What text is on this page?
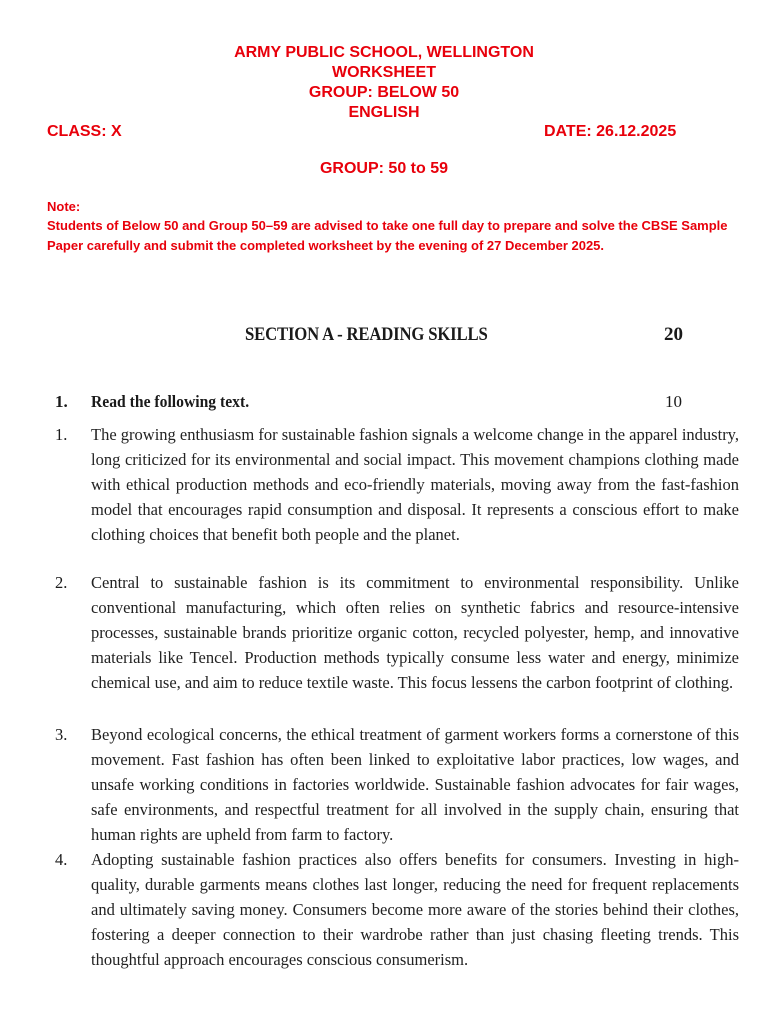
ARMY PUBLIC SCHOOL, WELLINGTON
WORKSHEET
GROUP: BELOW 50
ENGLISH
CLASS: X	DATE: 26.12.2025
GROUP: 50 to 59
Note:
Students of Below 50 and Group 50–59 are advised to take one full day to prepare and solve the CBSE Sample Paper carefully and submit the completed worksheet by the evening of 27 December 2025.
SECTION A - READING SKILLS	20
1. Read the following text.	10
1. The growing enthusiasm for sustainable fashion signals a welcome change in the apparel industry, long criticized for its environmental and social impact. This movement champions clothing made with ethical production methods and eco-friendly materials, moving away from the fast-fashion model that encourages rapid consumption and disposal. It represents a conscious effort to make clothing choices that benefit both people and the planet.
2. Central to sustainable fashion is its commitment to environmental responsibility. Unlike conventional manufacturing, which often relies on synthetic fabrics and resource-intensive processes, sustainable brands prioritize organic cotton, recycled polyester, hemp, and innovative materials like Tencel. Production methods typically consume less water and energy, minimize chemical use, and aim to reduce textile waste. This focus lessens the carbon footprint of clothing.
3. Beyond ecological concerns, the ethical treatment of garment workers forms a cornerstone of this movement. Fast fashion has often been linked to exploitative labor practices, low wages, and unsafe working conditions in factories worldwide. Sustainable fashion advocates for fair wages, safe environments, and respectful treatment for all involved in the supply chain, ensuring that human rights are upheld from farm to factory.
4. Adopting sustainable fashion practices also offers benefits for consumers. Investing in high-quality, durable garments means clothes last longer, reducing the need for frequent replacements and ultimately saving money. Consumers become more aware of the stories behind their clothes, fostering a deeper connection to their wardrobe rather than just chasing fleeting trends. This thoughtful approach encourages conscious consumerism.
